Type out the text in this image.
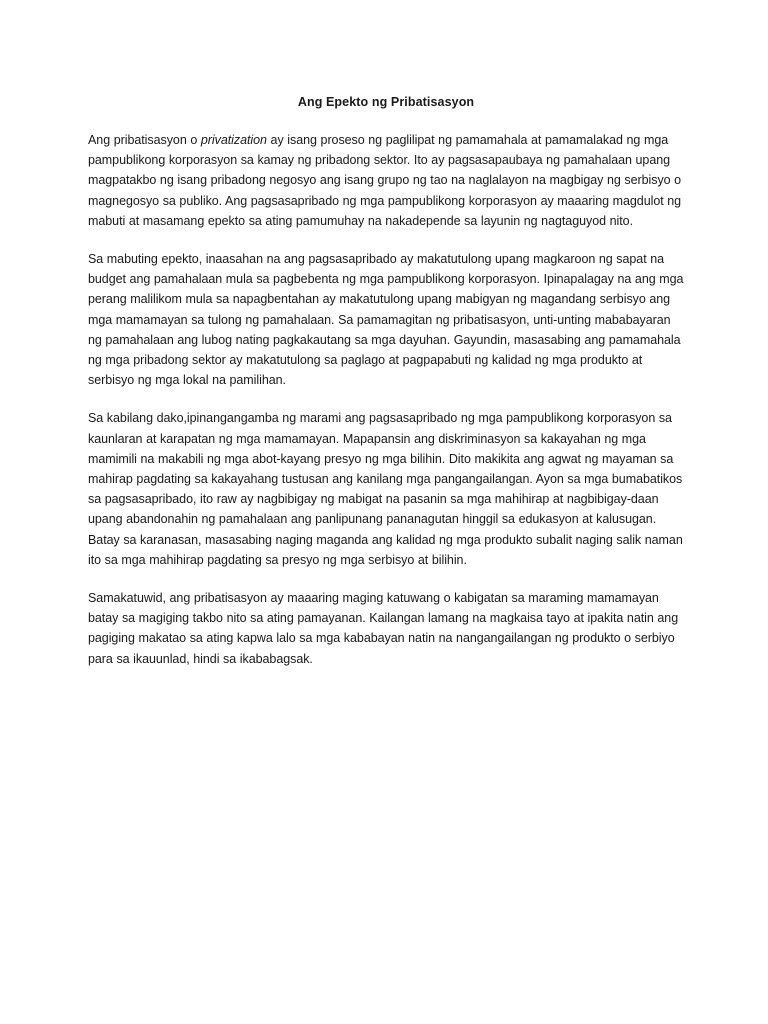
Ang Epekto ng Pribatisasyon

Ang pribatisasyon o privatization ay isang proseso ng paglilipat ng pamamahala at pamamalakad ng mga pampublikong korporasyon sa kamay ng pribadong sektor. Ito ay pagsasapaubaya ng pamahalaan upang magpatakbo ng isang pribadong negosyo ang isang grupo ng tao na naglalayon na magbigay ng serbisyo o magnegosyo sa publiko. Ang pagsasapribado ng mga pampublikong korporasyon ay maaaring magdulot ng mabuti at masamang epekto sa ating pamumuhay na nakadepende sa layunin ng nagtaguyod nito.

Sa mabuting epekto, inaasahan na ang pagsasapribado ay makatutulong upang magkaroon ng sapat na budget ang pamahalaan mula sa pagbebenta ng mga pampublikong korporasyon. Ipinapalagay na ang mga perang malilikom mula sa napagbentahan ay makatutulong upang mabigyan ng magandang serbisyo ang mga mamamayan sa tulong ng pamahalaan. Sa pamamagitan ng pribatisasyon, unti-unting mababayaran ng pamahalaan ang lubog nating pagkakautang sa mga dayuhan. Gayundin, masasabing ang pamamahala ng mga pribadong sektor ay makatutulong sa paglago at pagpapabuti ng kalidad ng mga produkto at serbisyo ng mga lokal na pamilihan.

Sa kabilang dako,ipinangangamba ng marami ang pagsasapribado ng mga pampublikong korporasyon sa kaunlaran at karapatan ng mga mamamayan. Mapapansin ang diskriminasyon sa kakayahan ng mga mamimili na makabili ng mga abot-kayang presyo ng mga bilihin. Dito makikita ang agwat ng mayaman sa mahirap pagdating sa kakayahang tustusan ang kanilang mga pangangailangan. Ayon sa mga bumabatikos sa pagsasapribado, ito raw ay nagbibigay ng mabigat na pasanin sa mga mahihirap at nagbibigay-daan upang abandonahin ng pamahalaan ang panlipunang pananagutan hinggil sa edukasyon at kalusugan. Batay sa karanasan, masasabing naging maganda ang kalidad ng mga produkto subalit naging salik naman ito sa mga mahihirap pagdating sa presyo ng mga serbisyo at bilihin.

Samakatuwid, ang pribatisasyon ay maaaring maging katuwang o kabigatan sa maraming mamamayan batay sa magiging takbo nito sa ating pamayanan. Kailangan lamang na magkaisa tayo at ipakita natin ang pagiging makatao sa ating kapwa lalo sa mga kababayan natin na nangangailangan ng produkto o serbiyo para sa ikauunlad, hindi sa ikababagsak.
